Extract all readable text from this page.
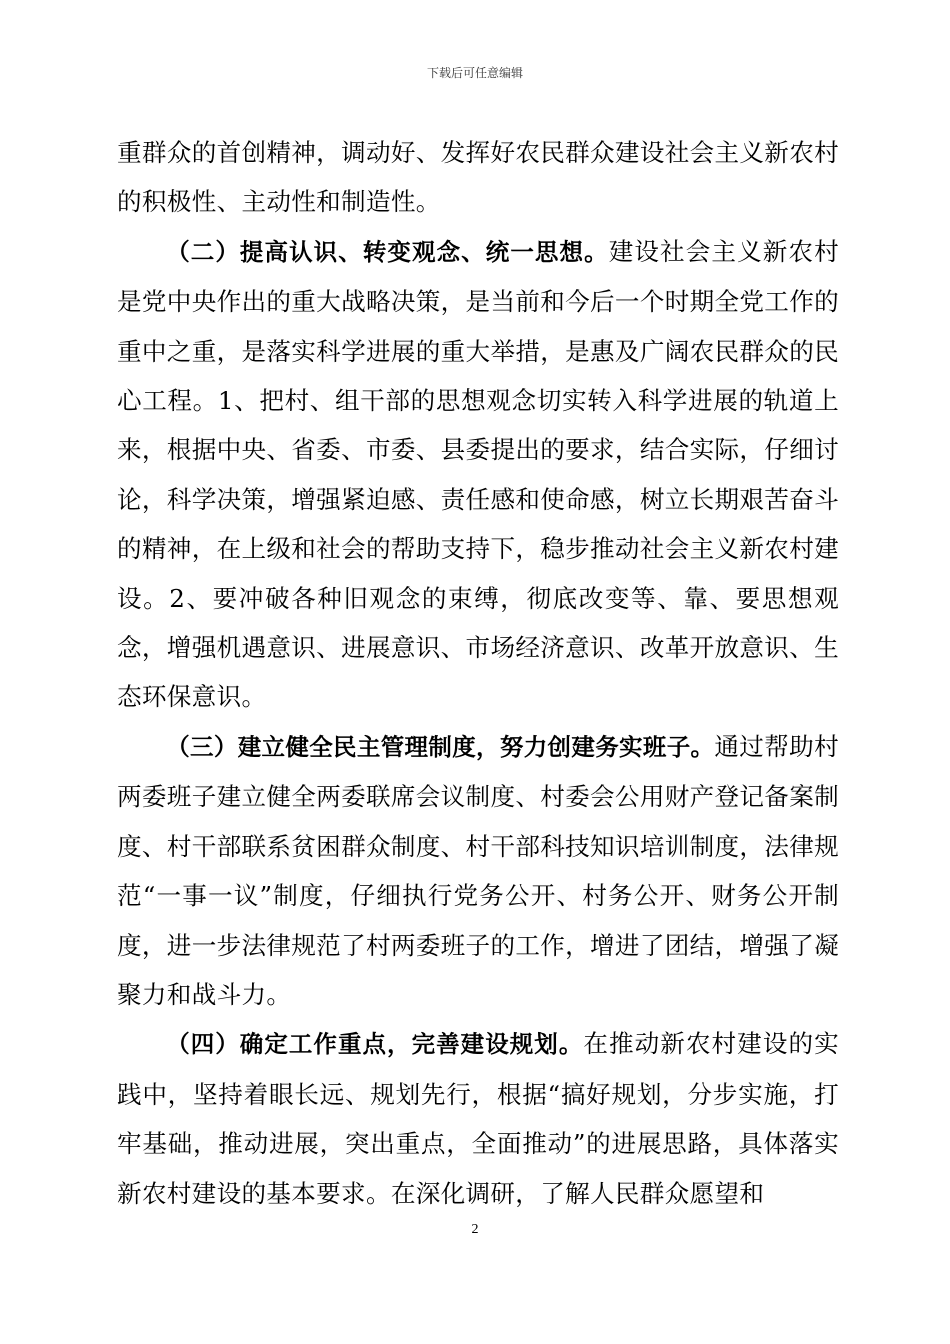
下载后可任意编辑

重群众的首创精神，调动好、发挥好农民群众建设社会主义新农村的积极性、主动性和制造性。

（二）提高认识、转变观念、统一思想。建设社会主义新农村是党中央作出的重大战略决策，是当前和今后一个时期全党工作的重中之重，是落实科学进展的重大举措，是惠及广阔农民群众的民心工程。1、把村、组干部的思想观念切实转入科学进展的轨道上来，根据中央、省委、市委、县委提出的要求，结合实际，仔细讨论，科学决策，增强紧迫感、责任感和使命感，树立长期艰苦奋斗的精神，在上级和社会的帮助支持下，稳步推动社会主义新农村建设。2、要冲破各种旧观念的束缚，彻底改变等、靠、要思想观念，增强机遇意识、进展意识、市场经济意识、改革开放意识、生态环保意识。

（三）建立健全民主管理制度，努力创建务实班子。通过帮助村两委班子建立健全两委联席会议制度、村委会公用财产登记备案制度、村干部联系贫困群众制度、村干部科技知识培训制度，法律规范“一事一议”制度，仔细执行党务公开、村务公开、财务公开制度，进一步法律规范了村两委班子的工作，增进了团结，增强了凝聚力和战斗力。

（四）确定工作重点，完善建设规划。在推动新农村建设的实践中，坚持着眼长远、规划先行，根据“搞好规划，分步实施，打牢基础，推动进展，突出重点，全面推动”的进展思路，具体落实新农村建设的基本要求。在深化调研，了解人民群众愿望和

2
